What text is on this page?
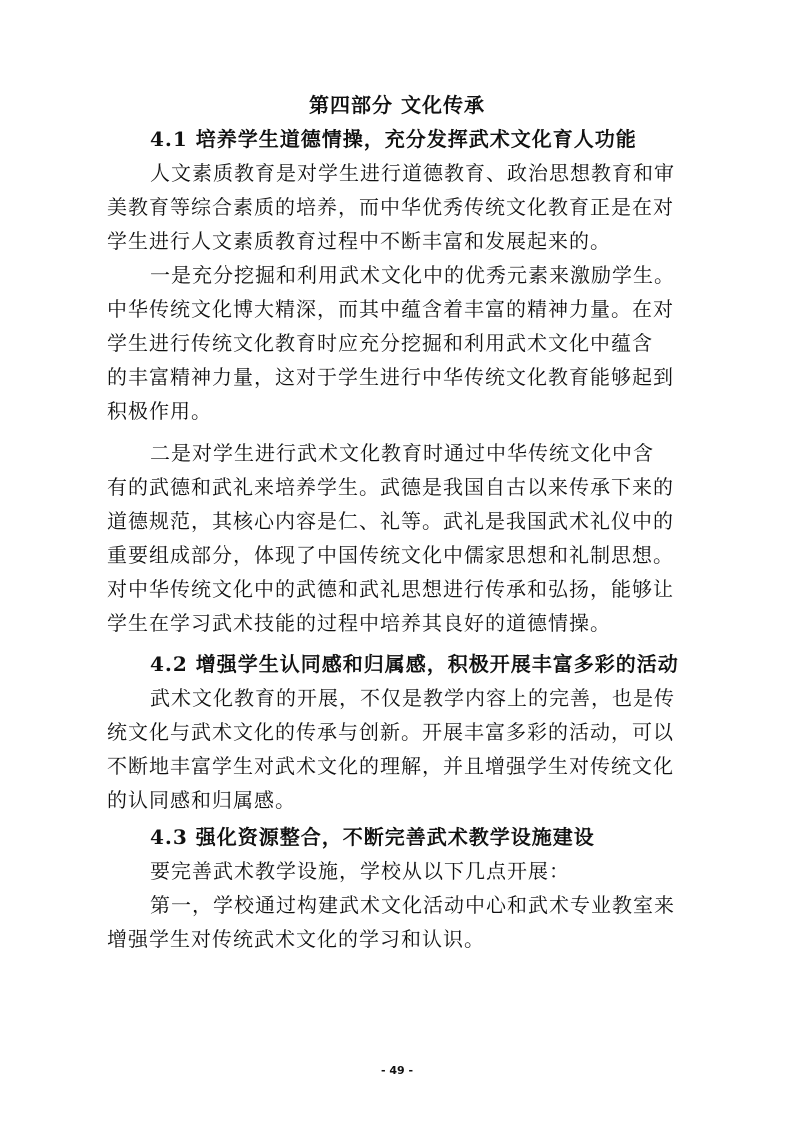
第四部分 文化传承
4.1 培养学生道德情操，充分发挥武术文化育人功能
人文素质教育是对学生进行道德教育、政治思想教育和审
美教育等综合素质的培养，而中华优秀传统文化教育正是在对
学生进行人文素质教育过程中不断丰富和发展起来的。
一是充分挖掘和利用武术文化中的优秀元素来激励学生。
中华传统文化博大精深，而其中蕴含着丰富的精神力量。在对
学生进行传统文化教育时应充分挖掘和利用武术文化中蕴含
的丰富精神力量，这对于学生进行中华传统文化教育能够起到
积极作用。
二是对学生进行武术文化教育时通过中华传统文化中含
有的武德和武礼来培养学生。武德是我国自古以来传承下来的
道德规范，其核心内容是仁、礼等。武礼是我国武术礼仪中的
重要组成部分，体现了中国传统文化中儒家思想和礼制思想。
对中华传统文化中的武德和武礼思想进行传承和弘扬，能够让
学生在学习武术技能的过程中培养其良好的道德情操。
4.2 增强学生认同感和归属感，积极开展丰富多彩的活动
武术文化教育的开展，不仅是教学内容上的完善，也是传
统文化与武术文化的传承与创新。开展丰富多彩的活动，可以
不断地丰富学生对武术文化的理解，并且增强学生对传统文化
的认同感和归属感。
4.3 强化资源整合，不断完善武术教学设施建设
要完善武术教学设施，学校从以下几点开展：
第一，学校通过构建武术文化活动中心和武术专业教室来
增强学生对传统武术文化的学习和认识。
- 49 -
